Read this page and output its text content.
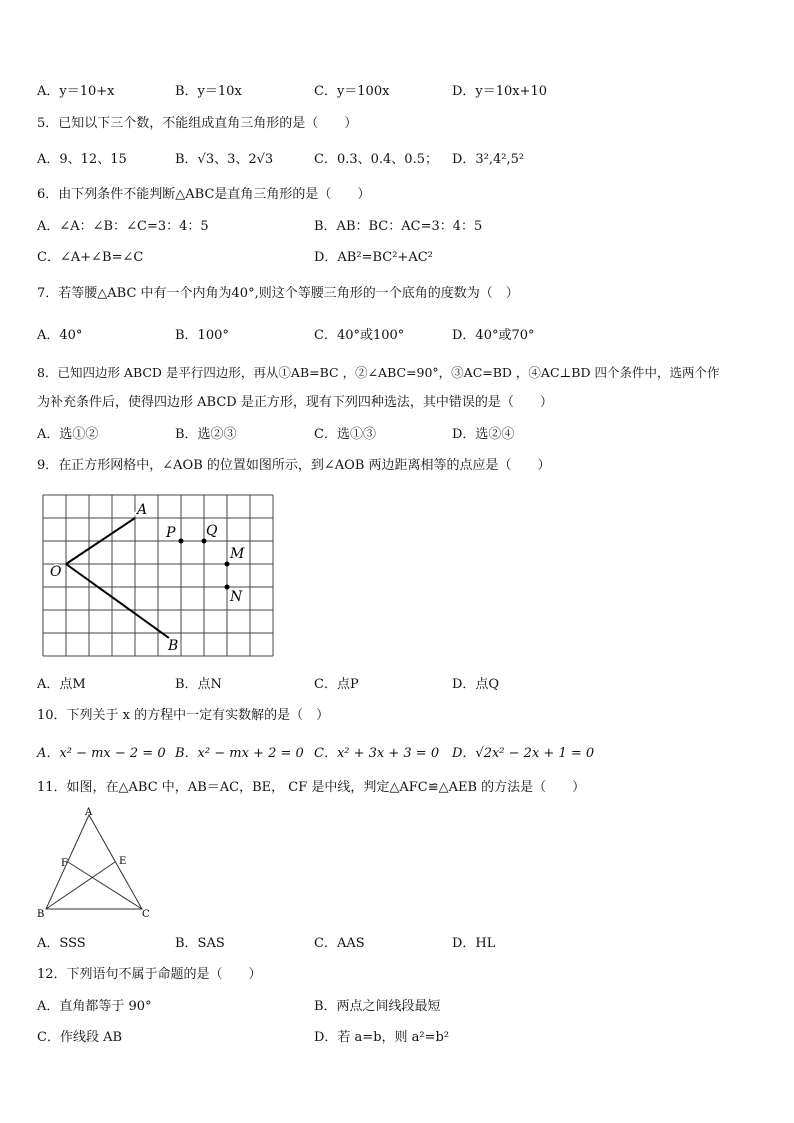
A．y＝10+x	B．y＝10x	C．y＝100x	D．y＝10x+10
5．已知以下三个数，不能组成直角三角形的是（　　）
A．9、12、15	B．√3、3、2√3	C．0.3、0.4、0.5； D．3²,4²,5²
6．由下列条件不能判断△ABC是直角三角形的是（　　）
A．∠A：∠B：∠C=3：4：5	B．AB：BC：AC=3：4：5
C．∠A+∠B=∠C	D．AB²=BC²+AC²
7．若等腰△ABC 中有一个内角为40°,则这个等腰三角形的一个底角的度数为（　）
A．40°	B．100°	C．40°或100°	D．40°或70°
8．已知四边形 ABCD 是平行四边形，再从①AB=BC ，②∠ABC=90°，③AC=BD ，④AC⊥BD 四个条件中，选两个作
为补充条件后，使得四边形 ABCD 是正方形，现有下列四种选法，其中错误的是（　　）
A．选①②	B．选②③	C．选①③	D．选②④
9．在正方形网格中，∠AOB 的位置如图所示，到∠AOB 两边距离相等的点应是（　　）
A
P Q
O
M
N
B
A．点M	B．点N	C．点P	D．点Q
10．下列关于 x 的方程中一定有实数解的是（　）
A．x² − mx − 2 = 0 B．x² − mx + 2 = 0 C．x² + 3x + 3 = 0 D．√2x² − 2x + 1 = 0
11．如图，在△ABC 中，AB＝AC，BE， CF 是中线，判定△AFC≌△AEB 的方法是（　　）
A
F	E
B	C
A．SSS	B．SAS	C．AAS	D．HL
12．下列语句不属于命题的是（　　）
A．直角都等于 90°	B．两点之间线段最短
C．作线段 AB	D．若 a=b，则 a²=b²
